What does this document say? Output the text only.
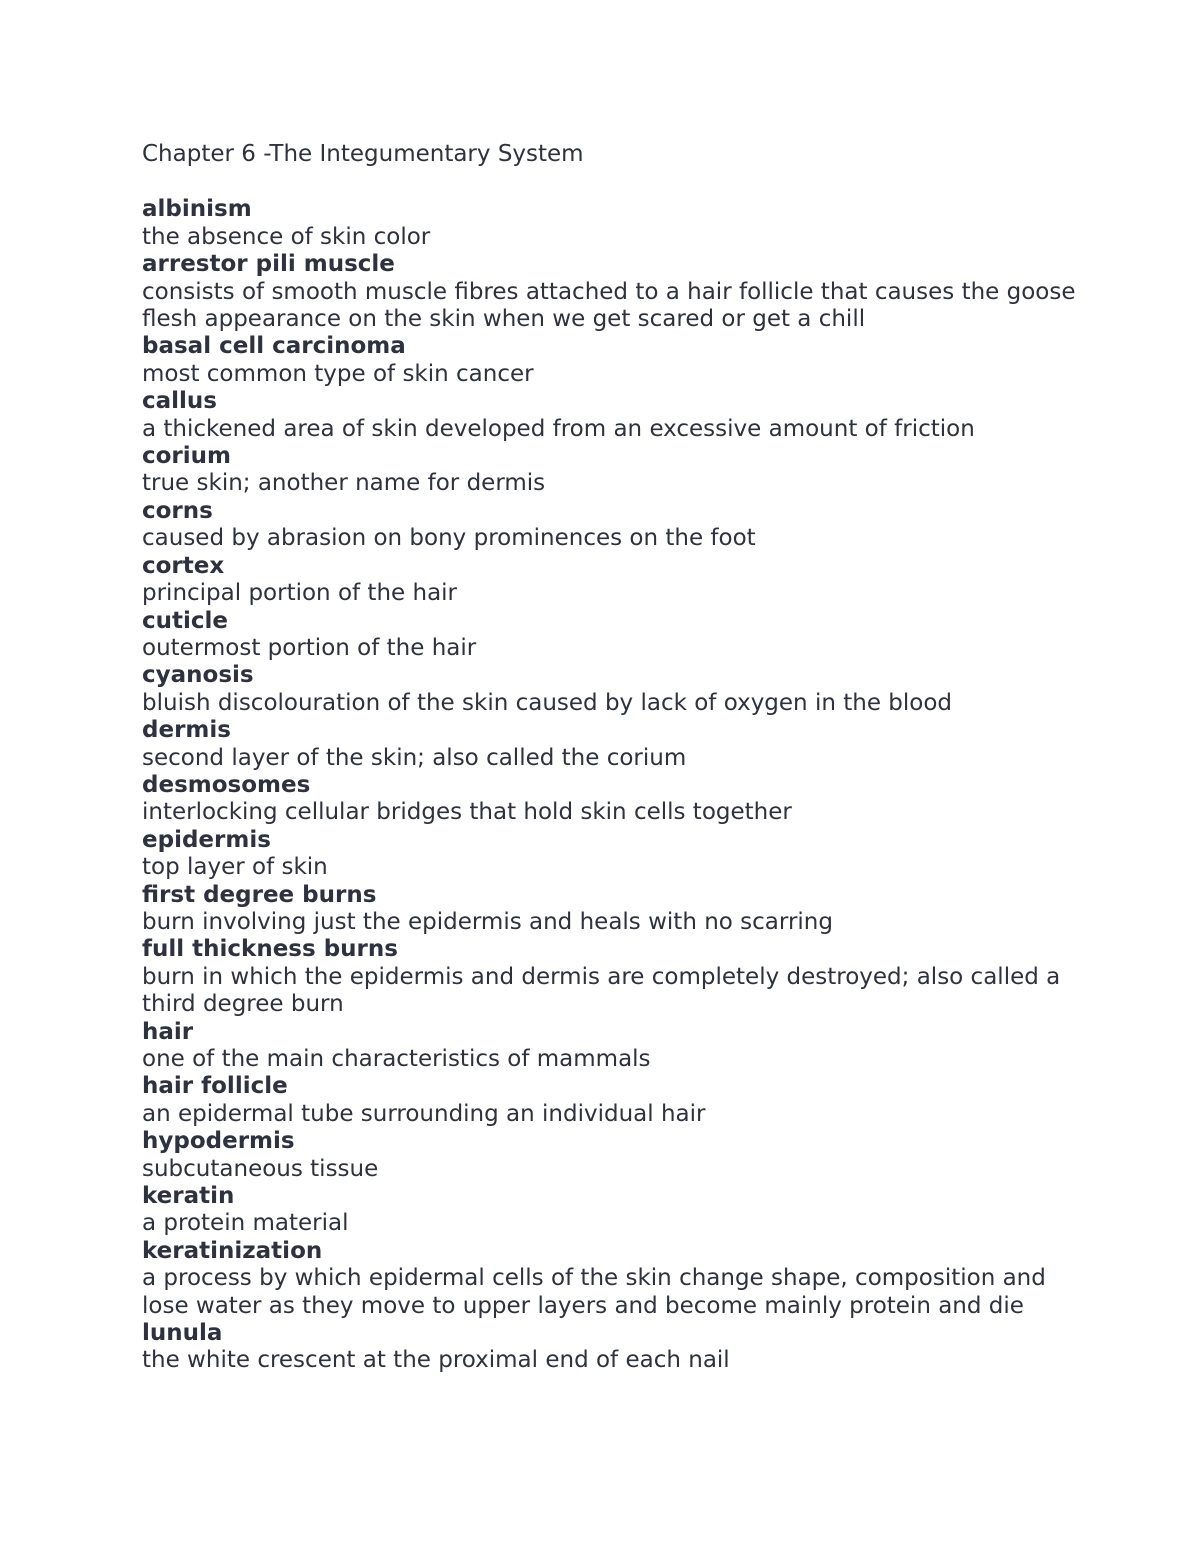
Chapter 6 -The Integumentary System
albinism
the absence of skin color
arrestor pili muscle
consists of smooth muscle fibres attached to a hair follicle that causes the goose flesh appearance on the skin when we get scared or get a chill
basal cell carcinoma
most common type of skin cancer
callus
a thickened area of skin developed from an excessive amount of friction
corium
true skin; another name for dermis
corns
caused by abrasion on bony prominences on the foot
cortex
principal portion of the hair
cuticle
outermost portion of the hair
cyanosis
bluish discolouration of the skin caused by lack of oxygen in the blood
dermis
second layer of the skin; also called the corium
desmosomes
interlocking cellular bridges that hold skin cells together
epidermis
top layer of skin
first degree burns
burn involving just the epidermis and heals with no scarring
full thickness burns
burn in which the epidermis and dermis are completely destroyed; also called a third degree burn
hair
one of the main characteristics of mammals
hair follicle
an epidermal tube surrounding an individual hair
hypodermis
subcutaneous tissue
keratin
a protein material
keratinization
a process by which epidermal cells of the skin change shape, composition and lose water as they move to upper layers and become mainly protein and die
lunula
the white crescent at the proximal end of each nail
